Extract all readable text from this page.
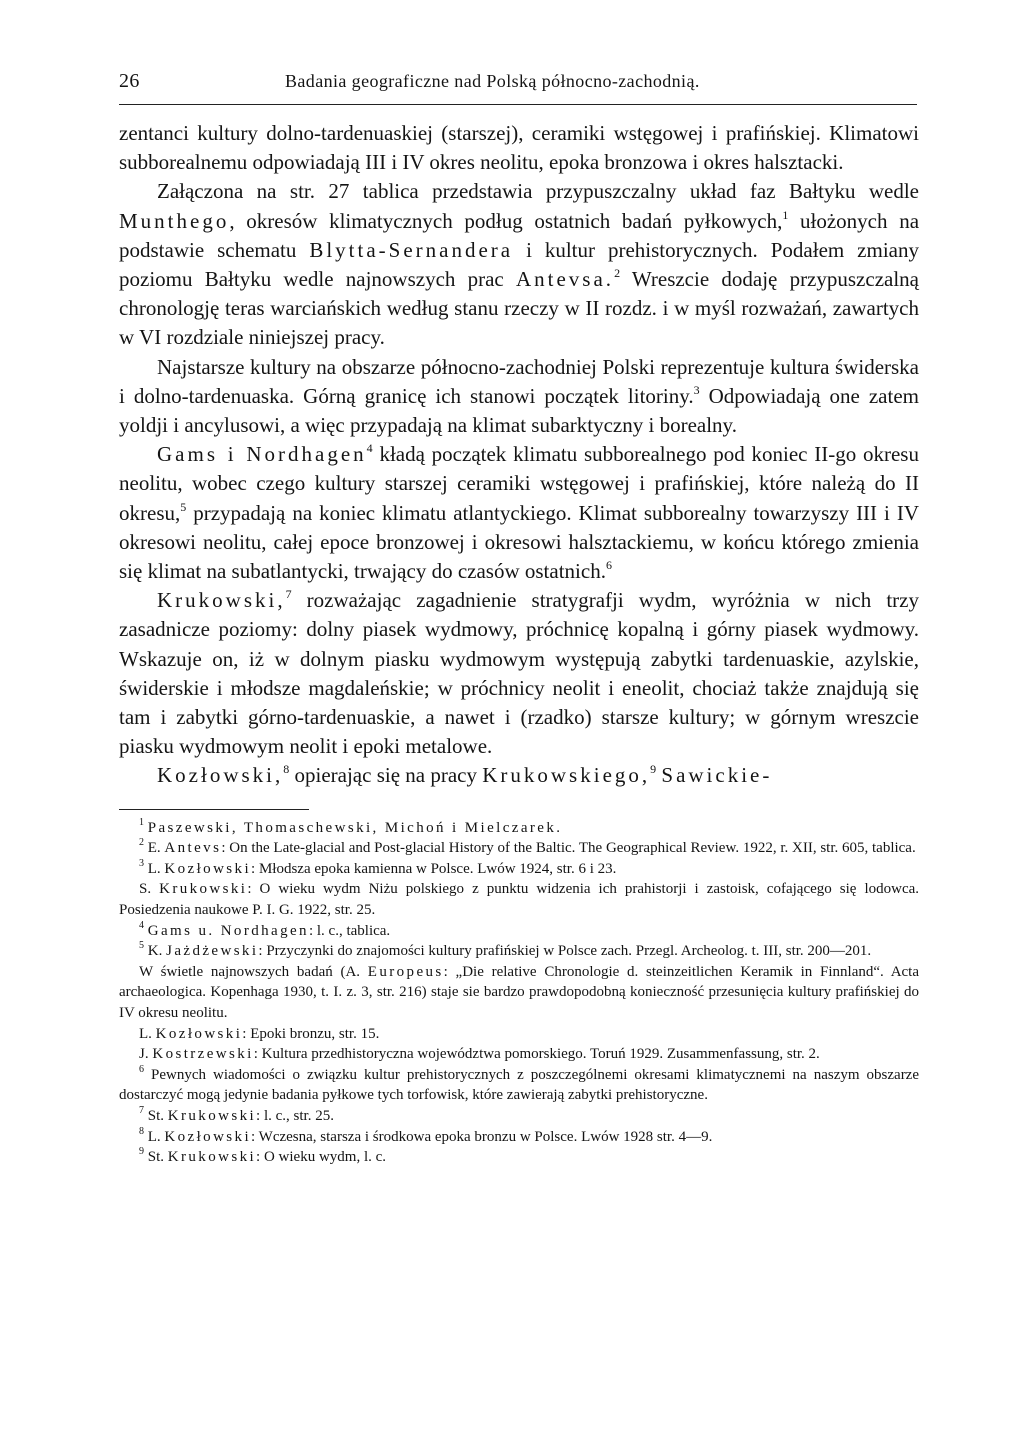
26	Badania geograficzne nad Polską północno-zachodnią.

zentanci kultury dolno-tardenuaskiej (starszej), ceramiki wstęgowej i prafińskiej. Klimatowi subborealnemu odpowiadają III i IV okres neolitu, epoka bronzowa i okres halsztacki.

Załączona na str. 27 tablica przedstawia przypuszczalny układ faz Bałtyku wedle Munthego, okresów klimatycznych podług ostatnich badań pyłkowych,$^1$ ułożonych na podstawie schematu Blytta-Sernandera i kultur prehistorycznych. Podałem zmiany poziomu Bałtyku wedle najnowszych prac Antevsa.$^2$ Wreszcie dodaję przypuszczalną chronologję teras warciańskich według stanu rzeczy w II rozdz. i w myśl rozważań, zawartych w VI rozdziale niniejszej pracy.

Najstarsze kultury na obszarze północno-zachodniej Polski reprezentuje kultura świderska i dolno-tardenuaska. Górną granicę ich stanowi początek litoriny.$^3$ Odpowiadają one zatem yoldji i ancylusowi, a więc przypadają na klimat subarktyczny i borealny.

Gams i Nordhagen$^4$ kładą początek klimatu subborealnego pod koniec II-go okresu neolitu, wobec czego kultury starszej ceramiki wstęgowej i prafińskiej, które należą do II okresu,$^5$ przypadają na koniec klimatu atlantyckiego. Klimat subborealny towarzyszy III i IV okresowi neolitu, całej epoce bronzowej i okresowi halsztackiemu, w końcu którego zmienia się klimat na subatlantycki, trwający do czasów ostatnich.$^6$

Krukowski,$^7$ rozważając zagadnienie stratygrafji wydm, wyróżnia w nich trzy zasadnicze poziomy: dolny piasek wydmowy, próchnicę kopalną i górny piasek wydmowy. Wskazuje on, iż w dolnym piasku wydmowym występują zabytki tardenuaskie, azylskie, świderskie i młodsze magdaleńskie; w próchnicy neolit i eneolit, chociaż także znajdują się tam i zabytki górno-tardenuaskie, a nawet i (rzadko) starsze kultury; w górnym wreszcie piasku wydmowym neolit i epoki metalowe.

Kozłowski,$^8$ opierając się na pracy Krukowskiego,$^9$ Sawickie-

$^1$ Paszewski, Thomaschewski, Michoń i Mielczarek.

$^2$ E. Antevs: On the Late-glacial and Post-glacial History of the Baltic. The Geographical Review. 1922, r. XII, str. 605, tablica.

$^3$ L. Kozłowski: Młodsza epoka kamienna w Polsce. Lwów 1924, str. 6 i 23.

S. Krukowski: O wieku wydm Niżu polskiego z punktu widzenia ich prahistorji i zastoisk, cofającego się lodowca. Posiedzenia naukowe P. I. G. 1922, str. 25.

$^4$ Gams u. Nordhagen: l. c., tablica.

$^5$ K. Jażdżewski: Przyczynki do znajomości kultury prafińskiej w Polsce zach. Przegl. Archeolog. t. III, str. 200—201.

W świetle najnowszych badań (A. Europeus: „Die relative Chronologie d. steinzeitlichen Keramik in Finnland“. Acta archaeologica. Kopenhaga 1930, t. I. z. 3, str. 216) staje sie bardzo prawdopodobną konieczność przesunięcia kultury prafińskiej do IV okresu neolitu.

L. Kozłowski: Epoki bronzu, str. 15.

J. Kostrzewski: Kultura przedhistoryczna województwa pomorskiego. Toruń 1929. Zusammenfassung, str. 2.

$^6$ Pewnych wiadomości o związku kultur prehistorycznych z poszczególnemi okresami klimatycznemi na naszym obszarze dostarczyć mogą jedynie badania pyłkowe tych torfowisk, które zawierają zabytki prehistoryczne.

$^7$ St. Krukowski: l. c., str. 25.

$^8$ L. Kozłowski: Wczesna, starsza i środkowa epoka bronzu w Polsce. Lwów 1928 str. 4—9.

$^9$ St. Krukowski: O wieku wydm, l. c.
